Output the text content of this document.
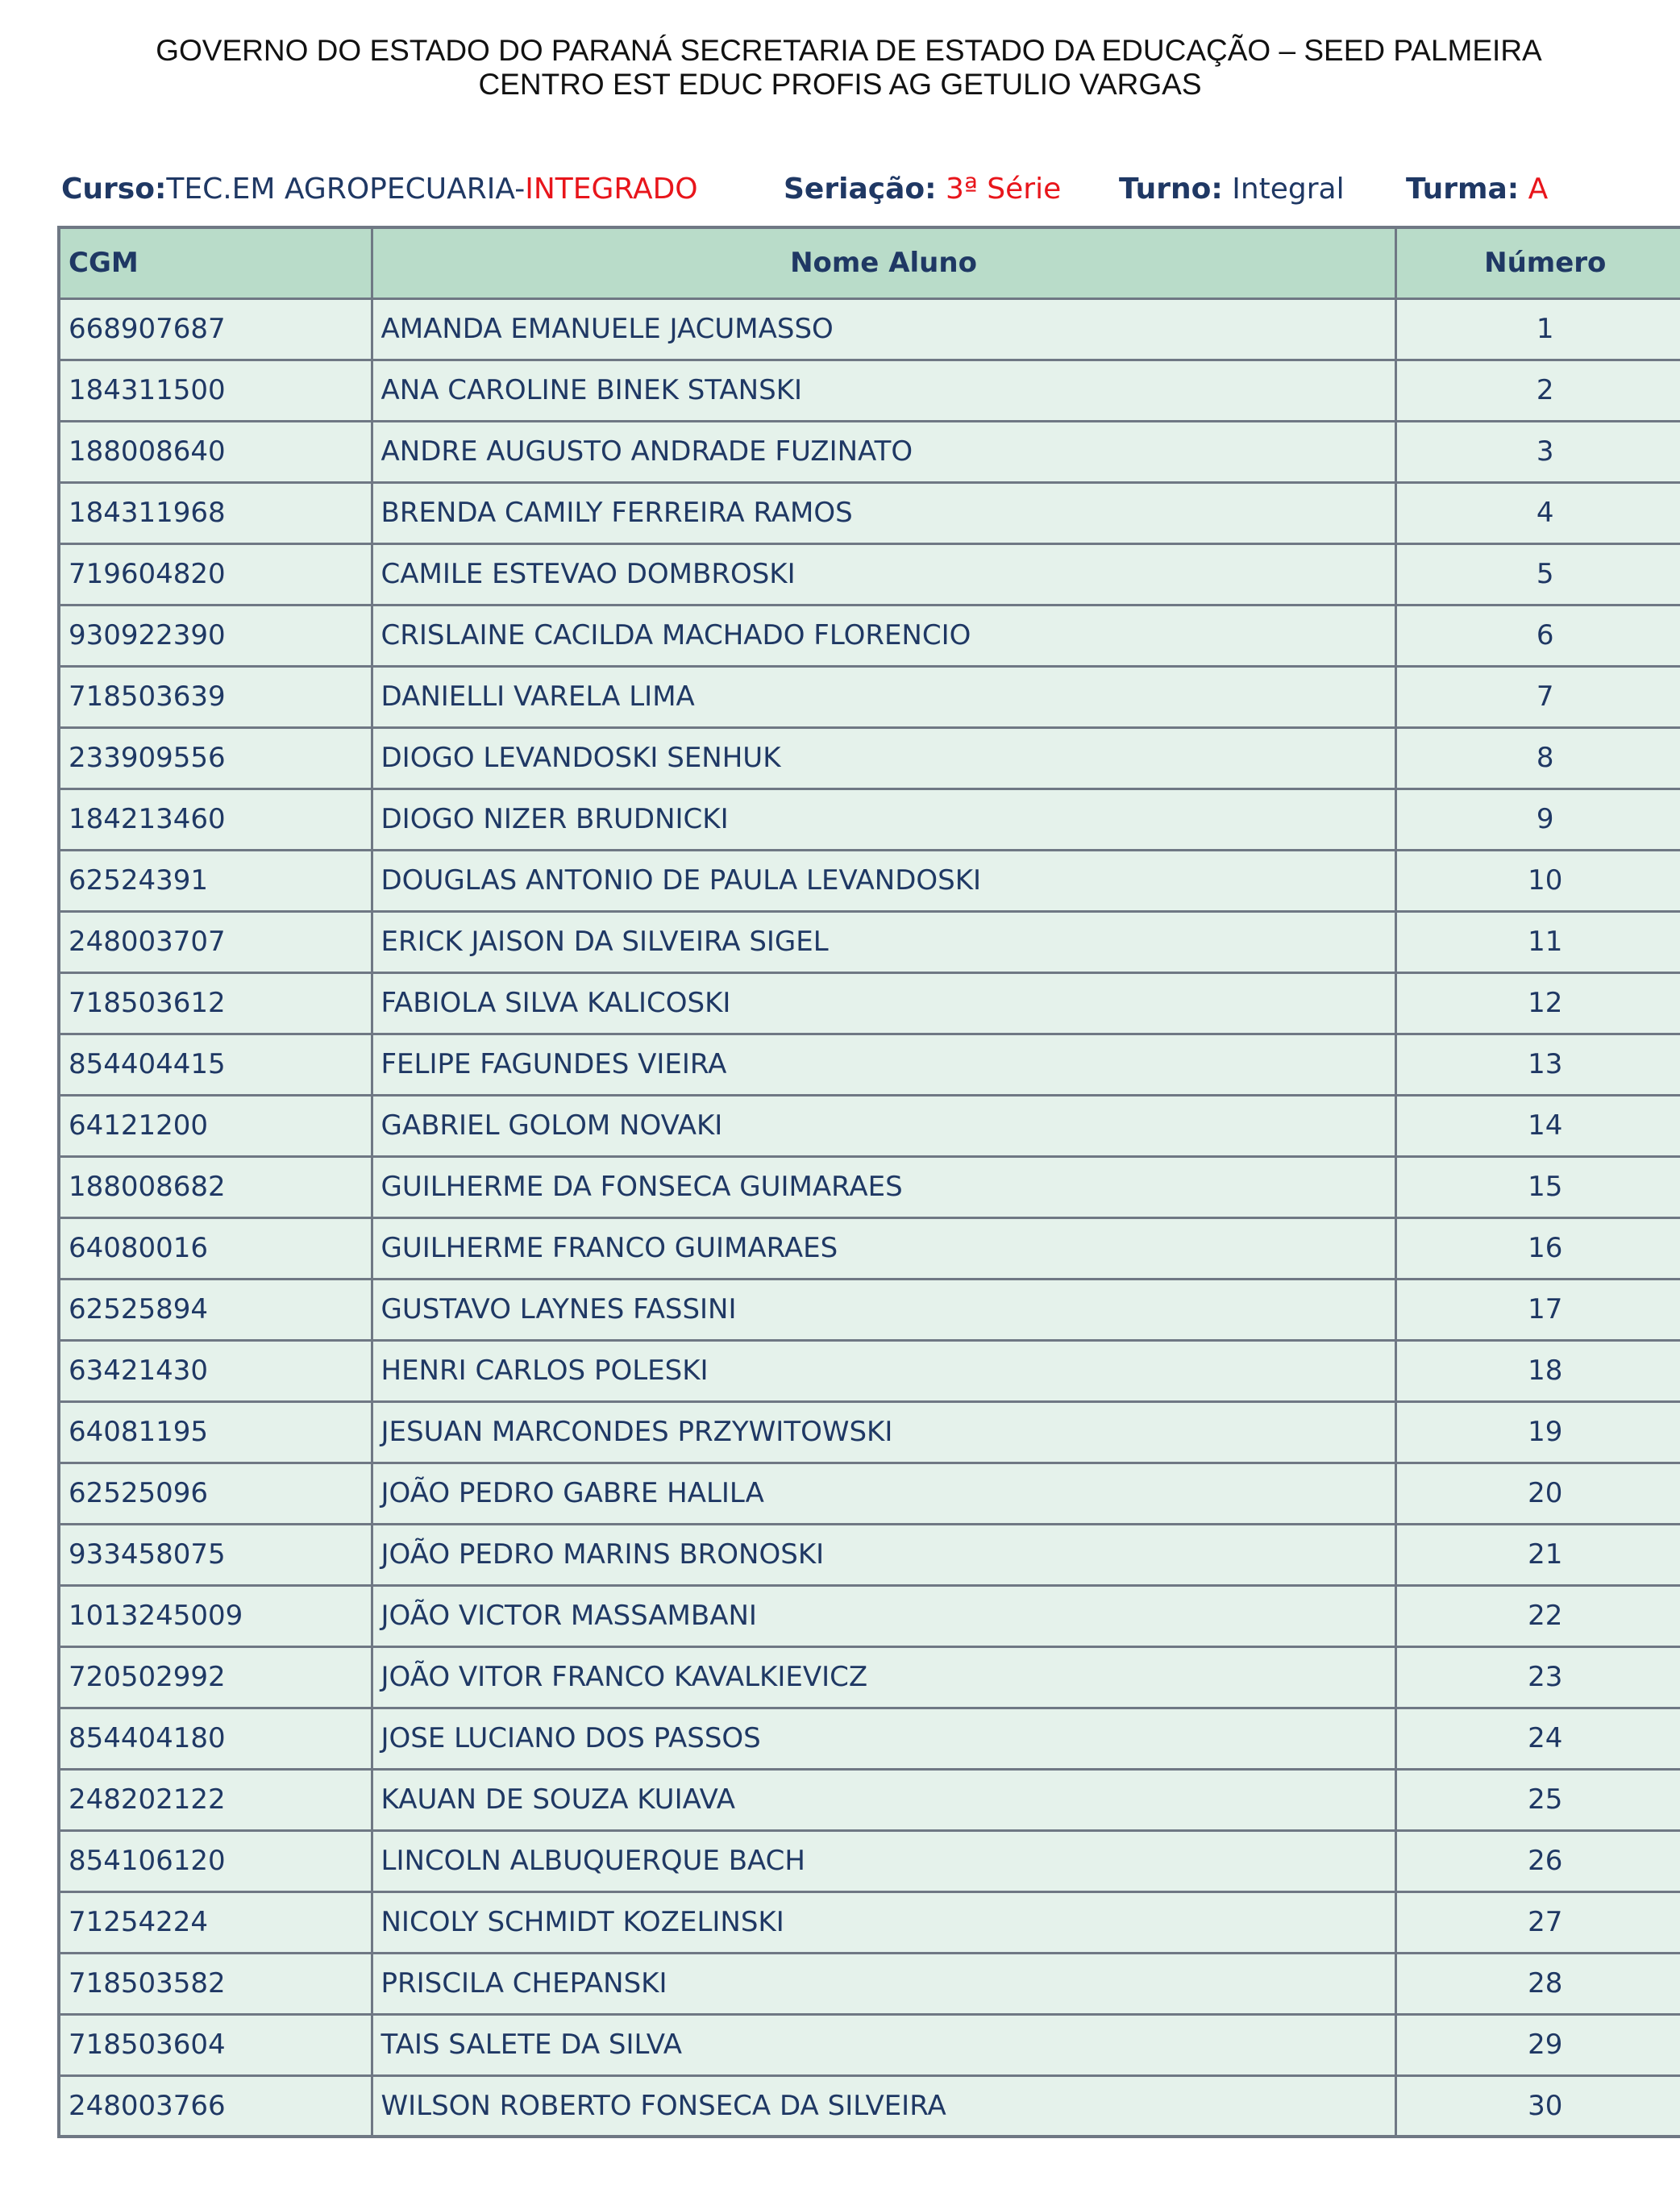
GOVERNO DO ESTADO DO PARANÁ SECRETARIA DE ESTADO DA EDUCAÇÃO – SEED PALMEIRA
CENTRO EST EDUC PROFIS AG GETULIO VARGAS
Curso:TEC.EM AGROPECUARIA-INTEGRADO	Seriação: 3ª Série Turno: Integral Turma: A
CGM	Nome Aluno	Número
668907687	AMANDA EMANUELE JACUMASSO	1
184311500	ANA CAROLINE BINEK STANSKI	2
188008640	ANDRE AUGUSTO ANDRADE FUZINATO	3
184311968	BRENDA CAMILY FERREIRA RAMOS	4
719604820	CAMILE ESTEVAO DOMBROSKI	5
930922390	CRISLAINE CACILDA MACHADO FLORENCIO	6
718503639	DANIELLI VARELA LIMA	7
233909556	DIOGO LEVANDOSKI SENHUK	8
184213460	DIOGO NIZER BRUDNICKI	9
62524391	DOUGLAS ANTONIO DE PAULA LEVANDOSKI	10
248003707	ERICK JAISON DA SILVEIRA SIGEL	11
718503612	FABIOLA SILVA KALICOSKI	12
854404415	FELIPE FAGUNDES VIEIRA	13
64121200	GABRIEL GOLOM NOVAKI	14
188008682	GUILHERME DA FONSECA GUIMARAES	15
64080016	GUILHERME FRANCO GUIMARAES	16
62525894	GUSTAVO LAYNES FASSINI	17
63421430	HENRI CARLOS POLESKI	18
64081195	JESUAN MARCONDES PRZYWITOWSKI	19
62525096	JOÃO PEDRO GABRE HALILA	20
933458075	JOÃO PEDRO MARINS BRONOSKI	21
1013245009	JOÃO VICTOR MASSAMBANI	22
720502992	JOÃO VITOR FRANCO KAVALKIEVICZ	23
854404180	JOSE LUCIANO DOS PASSOS	24
248202122	KAUAN DE SOUZA KUIAVA	25
854106120	LINCOLN ALBUQUERQUE BACH	26
71254224	NICOLY SCHMIDT KOZELINSKI	27
718503582	PRISCILA CHEPANSKI	28
718503604	TAIS SALETE DA SILVA	29
248003766	WILSON ROBERTO FONSECA DA SILVEIRA	30
